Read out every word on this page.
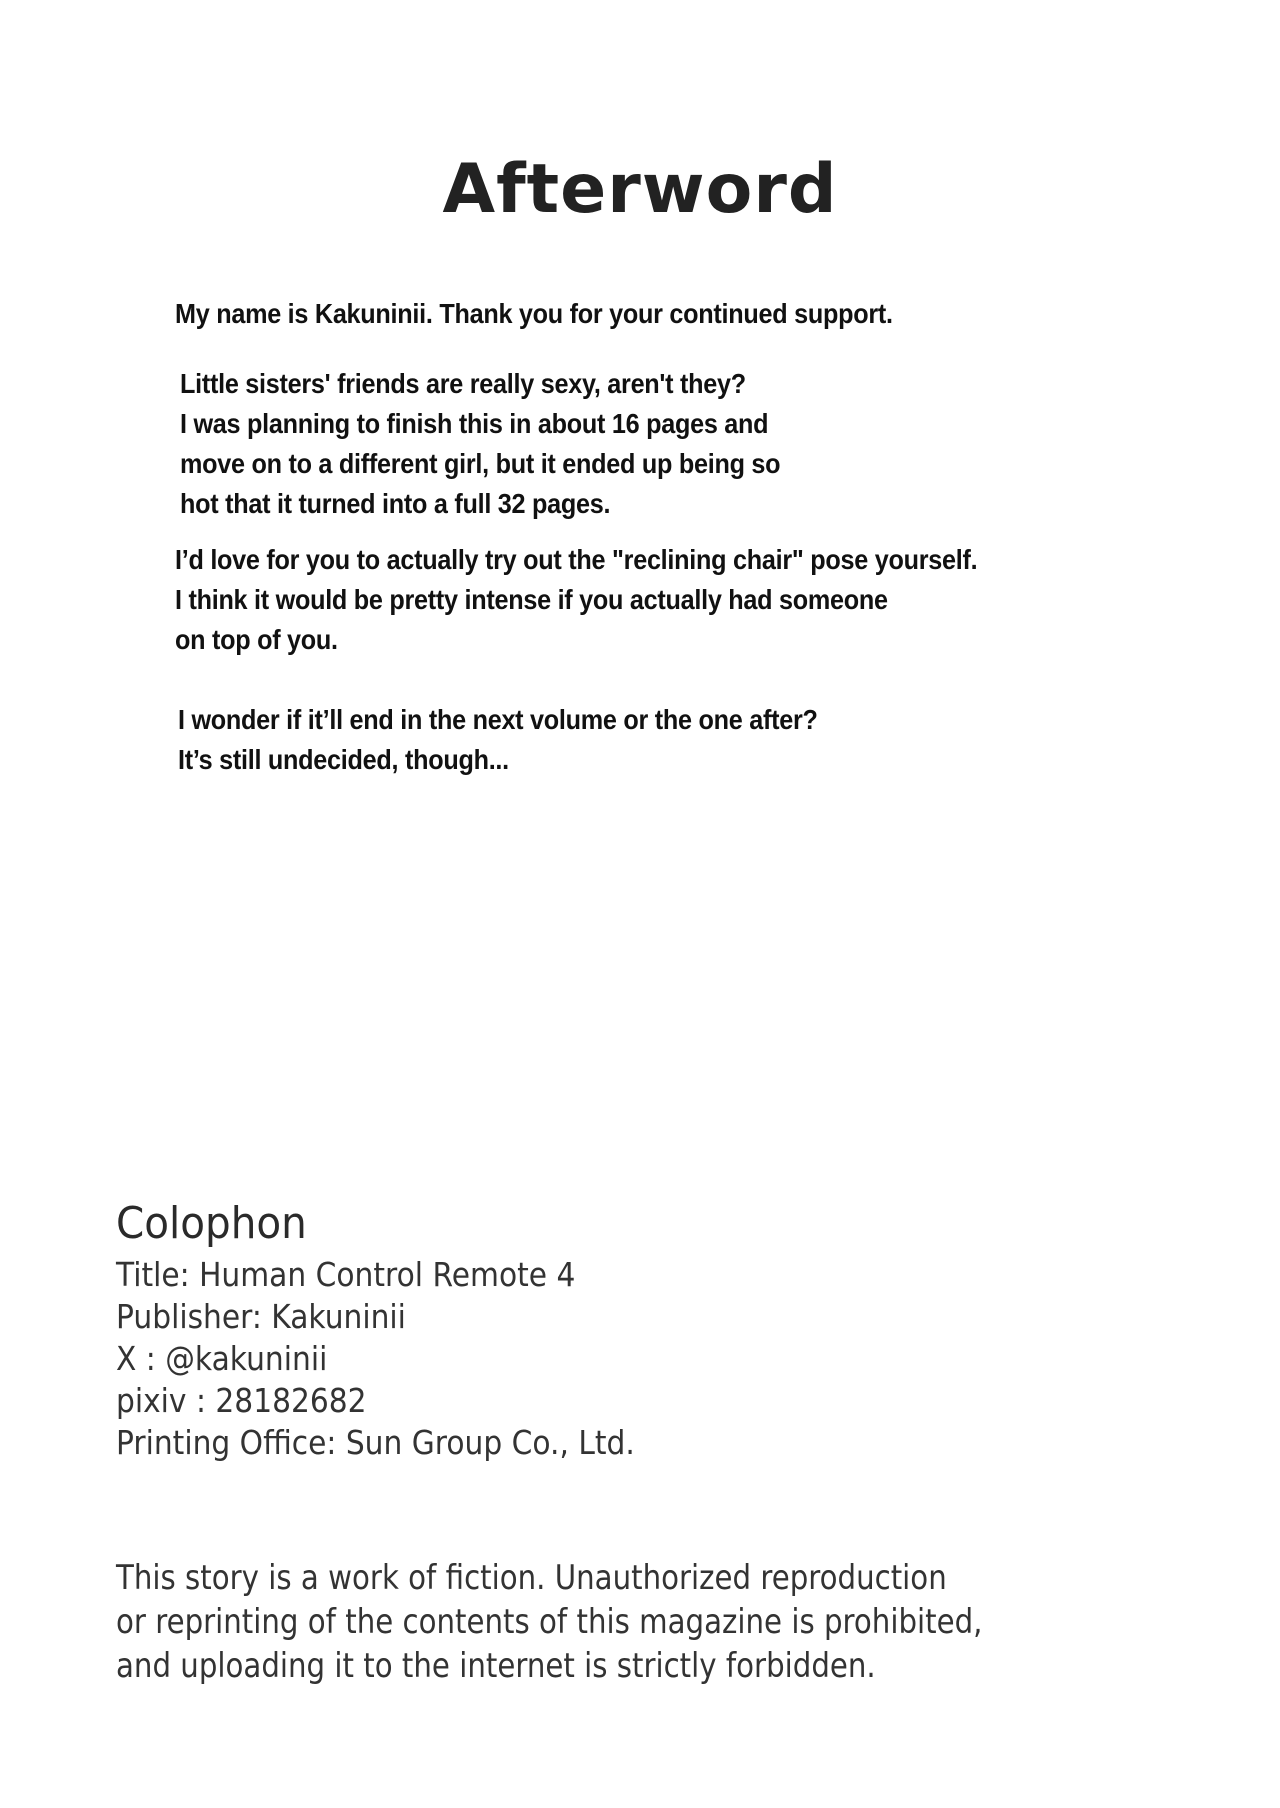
Afterword
My name is Kakuninii. Thank you for your continued support.
Little sisters' friends are really sexy, aren't they?
I was planning to finish this in about 16 pages and
move on to a different girl, but it ended up being so
hot that it turned into a full 32 pages.
I’d love for you to actually try out the "reclining chair" pose yourself.
I think it would be pretty intense if you actually had someone
on top of you.
I wonder if it’ll end in the next volume or the one after?
It’s still undecided, though...
Colophon
Title: Human Control Remote 4
Publisher: Kakuninii
X : @kakuninii
pixiv : 28182682
Printing Office: Sun Group Co., Ltd.
This story is a work of fiction. Unauthorized reproduction
or reprinting of the contents of this magazine is prohibited,
and uploading it to the internet is strictly forbidden.
